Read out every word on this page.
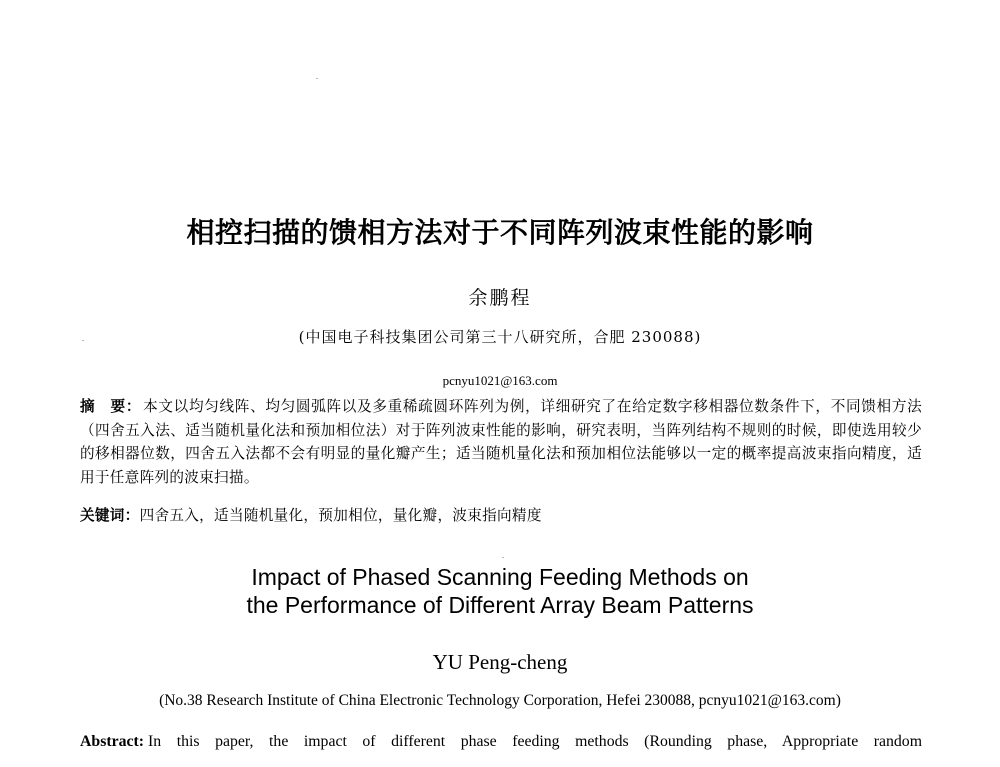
相控扫描的馈相方法对于不同阵列波束性能的影响
余鹏程
(中国电子科技集团公司第三十八研究所，合肥 230088)
pcnyu1021@163.com
摘　要： 本文以均匀线阵、均匀圆弧阵以及多重稀疏圆环阵列为例，详细研究了在给定数字移相器位数条件下，不同馈相方法（四舍五入法、适当随机量化法和预加相位法）对于阵列波束性能的影响，研究表明，当阵列结构不规则的时候，即使选用较少的移相器位数，四舍五入法都不会有明显的量化瓣产生；适当随机量化法和预加相位法能够以一定的概率提高波束指向精度，适用于任意阵列的波束扫描。
关键词：四舍五入，适当随机量化，预加相位，量化瓣，波束指向精度
Impact of Phased Scanning Feeding Methods on
the Performance of Different Array Beam Patterns
YU Peng-cheng
(No.38 Research Institute of China Electronic Technology Corporation, Hefei 230088, pcnyu1021@163.com)
Abstract: In this paper, the impact of different phase feeding methods (Rounding phase, Appropriate random
